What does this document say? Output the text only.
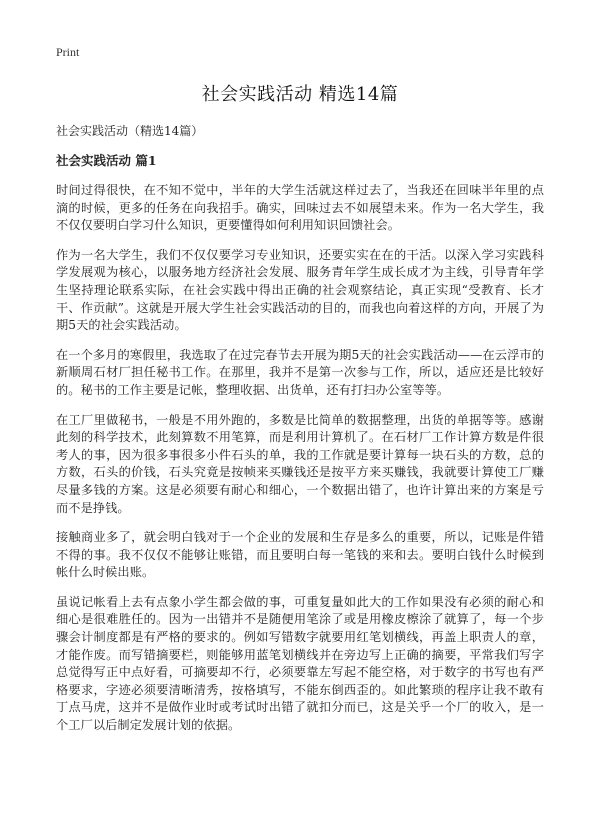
Print

社会实践活动 精选14篇

社会实践活动（精选14篇）

社会实践活动 篇1

时间过得很快，在不知不觉中，半年的大学生活就这样过去了，当我还在回味半年里的点滴的时候，更多的任务在向我招手。确实，回味过去不如展望未来。作为一名大学生，我不仅仅要明白学习什么知识，更要懂得如何利用知识回馈社会。

作为一名大学生，我们不仅仅要学习专业知识，还要实实在在的干活。以深入学习实践科学发展观为核心，以服务地方经济社会发展、服务青年学生成长成才为主线，引导青年学生坚持理论联系实际，在社会实践中得出正确的社会观察结论，真正实现“受教育、长才干、作贡献”。这就是开展大学生社会实践活动的目的，而我也向着这样的方向，开展了为期5天的社会实践活动。

在一个多月的寒假里，我选取了在过完春节去开展为期5天的社会实践活动——在云浮市的新顺周石材厂担任秘书工作。在那里，我并不是第一次参与工作，所以，适应还是比较好的。秘书的工作主要是记帐，整理收据、出货单，还有打扫办公室等等。

在工厂里做秘书，一般是不用外跑的，多数是比简单的数据整理，出货的单据等等。感谢此刻的科学技术，此刻算数不用笔算，而是利用计算机了。在石材厂工作计算方数是件很考人的事，因为很多事很多小件石头的单，我的工作就是要计算每一块石头的方数，总的方数，石头的价钱，石头究竟是按帧来买赚钱还是按平方来买赚钱，我就要计算使工厂赚尽量多钱的方案。这是必须要有耐心和细心，一个数据出错了，也许计算出来的方案是亏而不是挣钱。

接触商业多了，就会明白钱对于一个企业的发展和生存是多么的重要，所以，记账是件错不得的事。我不仅仅不能够让账错，而且要明白每一笔钱的来和去。要明白钱什么时候到帐什么时候出账。

虽说记帐看上去有点象小学生都会做的事，可重复量如此大的工作如果没有必须的耐心和细心是很难胜任的。因为一出错并不是随便用笔涂了或是用橡皮檫涂了就算了，每一个步骤会计制度都是有严格的要求的。例如写错数字就要用红笔划横线，再盖上职责人的章，才能作废。而写错摘要栏，则能够用蓝笔划横线并在旁边写上正确的摘要，平常我们写字总觉得写正中点好看，可摘要却不行，必须要靠左写起不能空格，对于数字的书写也有严格要求，字迹必须要清晰清秀，按格填写，不能东倒西歪的。如此繁琐的程序让我不敢有丁点马虎，这并不是做作业时或考试时出错了就扣分而已，这是关乎一个厂的收入，是一个工厂以后制定发展计划的依据。
